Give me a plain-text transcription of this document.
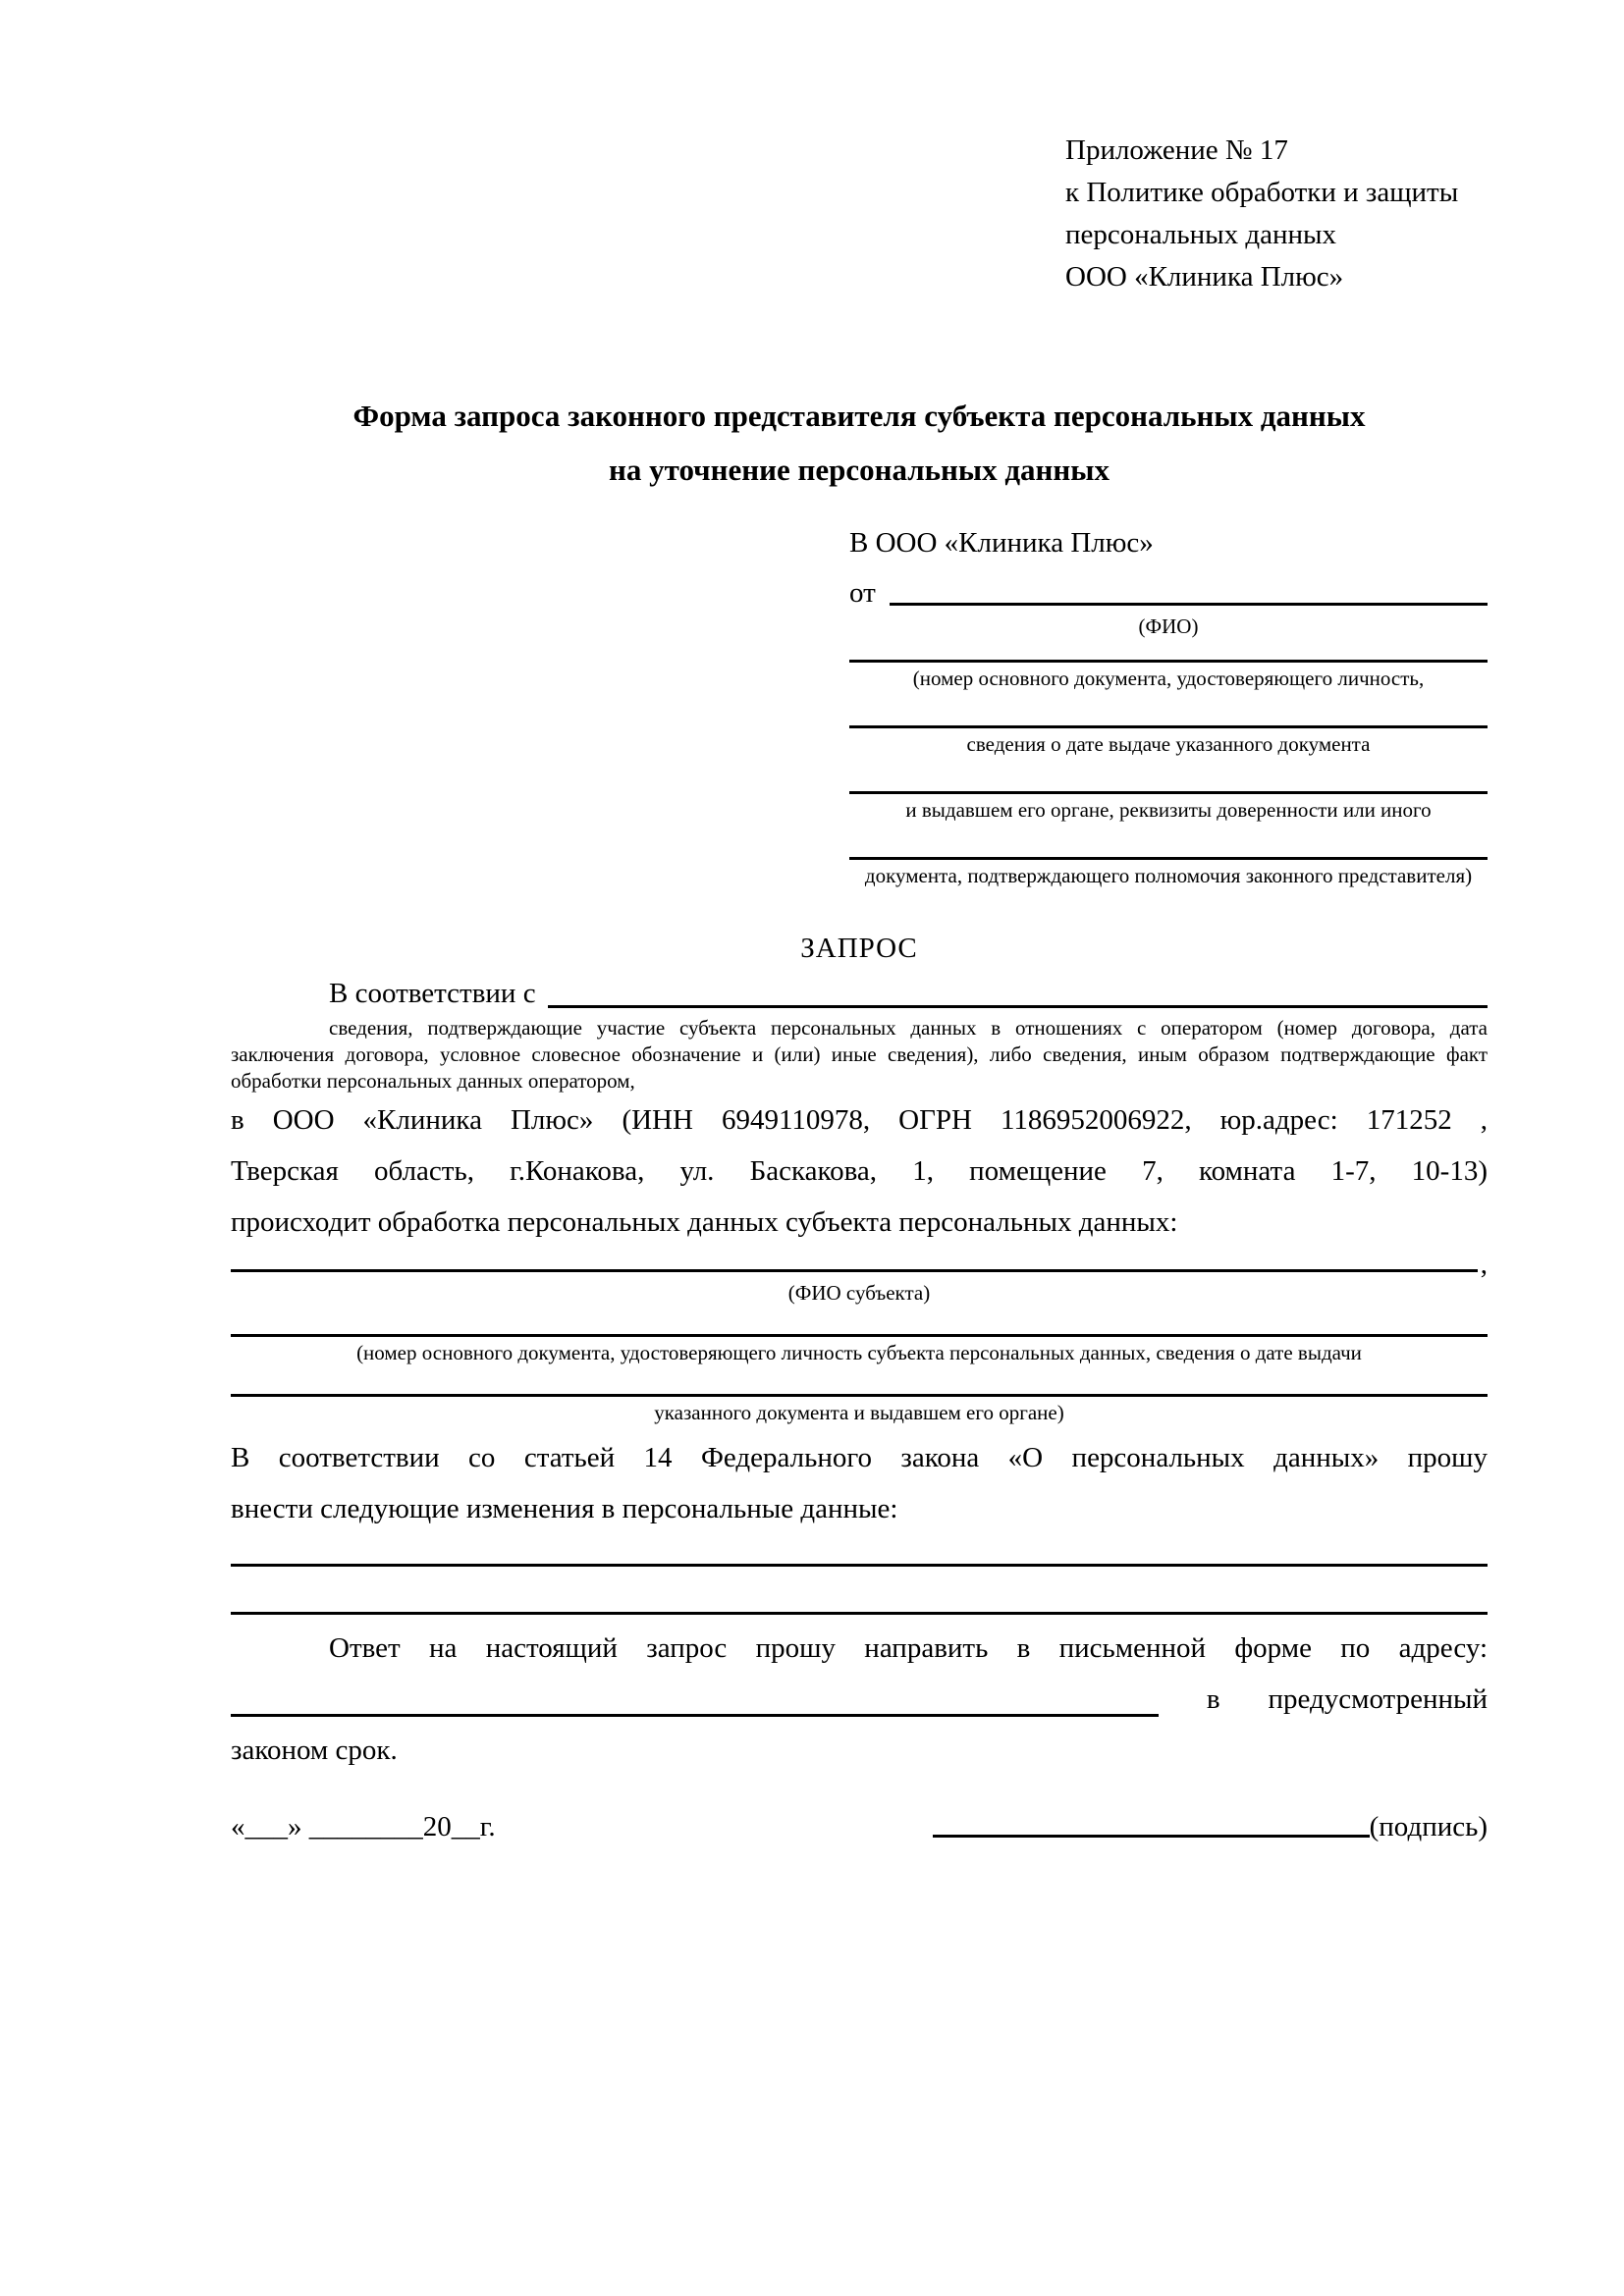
Приложение № 17
к Политике обработки и защиты
персональных данных
ООО «Клиника Плюс»
Форма запроса законного представителя субъекта персональных данных
на уточнение персональных данных
В ООО «Клиника Плюс»
от
(ФИО)
(номер основного документа, удостоверяющего личность,
сведения о дате выдаче указанного документа
и выдавшем его органе, реквизиты доверенности или иного
документа, подтверждающего полномочия законного представителя)
ЗАПРОС
В соответствии с
сведения, подтверждающие участие субъекта персональных данных в отношениях с оператором (номер договора, дата
заключения договора, условное словесное обозначение и (или) иные сведения), либо сведения, иным образом подтверждающие факт
обработки персональных данных оператором,
в ООО «Клиника Плюс» (ИНН 6949110978, ОГРН 1186952006922, юр.адрес: 171252 ,
Тверская область, г.Конакова, ул. Баскакова, 1, помещение 7, комната 1-7, 10-13)
происходит обработка персональных данных субъекта персональных данных:
,
(ФИО субъекта)
(номер основного документа, удостоверяющего личность субъекта персональных данных, сведения о дате выдачи
указанного документа и выдавшем его органе)
В соответствии со статьей 14 Федерального закона «О персональных данных» прошу
внести следующие изменения в персональные данные:
Ответ на настоящий запрос прошу направить в письменной форме по адресу:
в предусмотренный
законом срок.
«___» ________20__г.	(подпись)
